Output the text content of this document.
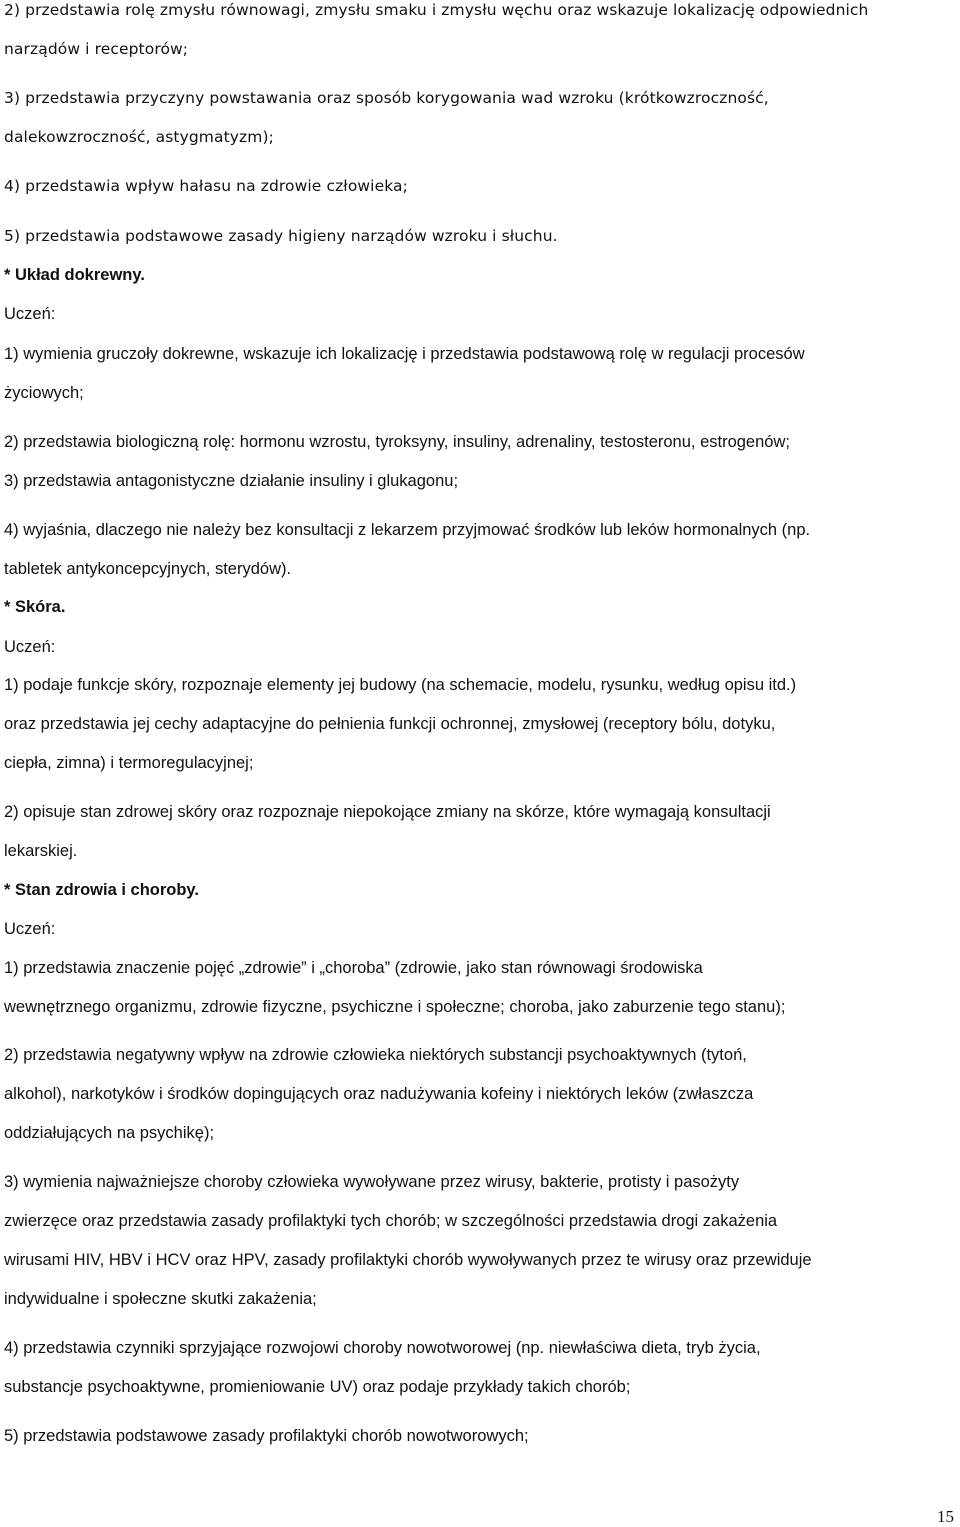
2) przedstawia rolę zmysłu równowagi, zmysłu smaku i zmysłu węchu oraz wskazuje lokalizację odpowiednich
narządów i receptorów;
3) przedstawia przyczyny powstawania oraz sposób korygowania wad wzroku (krótkowzroczność,
dalekowzroczność, astygmatyzm);
4) przedstawia wpływ hałasu na zdrowie człowieka;
5) przedstawia podstawowe zasady higieny narządów wzroku i słuchu.
* Układ dokrewny.
Uczeń:
1) wymienia gruczoły dokrewne, wskazuje ich lokalizację i przedstawia podstawową rolę w regulacji procesów
życiowych;
2) przedstawia biologiczną rolę: hormonu wzrostu, tyroksyny, insuliny, adrenaliny, testosteronu, estrogenów;
3) przedstawia antagonistyczne działanie insuliny i glukagonu;
4) wyjaśnia, dlaczego nie należy bez konsultacji z lekarzem przyjmować środków lub leków hormonalnych (np.
tabletek antykoncepcyjnych, sterydów).
* Skóra.
Uczeń:
1) podaje funkcje skóry, rozpoznaje elementy jej budowy (na schemacie, modelu, rysunku, według opisu itd.)
oraz przedstawia jej cechy adaptacyjne do pełnienia funkcji ochronnej, zmysłowej (receptory bólu, dotyku,
ciepła, zimna) i termoregulacyjnej;
2) opisuje stan zdrowej skóry oraz rozpoznaje niepokojące zmiany na skórze, które wymagają konsultacji
lekarskiej.
* Stan zdrowia i choroby.
Uczeń:
1) przedstawia znaczenie pojęć „zdrowie” i „choroba” (zdrowie, jako stan równowagi środowiska
wewnętrznego organizmu, zdrowie fizyczne, psychiczne i społeczne; choroba, jako zaburzenie tego stanu);
2) przedstawia negatywny wpływ na zdrowie człowieka niektórych substancji psychoaktywnych (tytoń,
alkohol), narkotyków i środków dopingujących oraz nadużywania kofeiny i niektórych leków (zwłaszcza
oddziałujących na psychikę);
3) wymienia najważniejsze choroby człowieka wywoływane przez wirusy, bakterie, protisty i pasożyty
zwierzęce oraz przedstawia zasady profilaktyki tych chorób; w szczególności przedstawia drogi zakażenia
wirusami HIV, HBV i HCV oraz HPV, zasady profilaktyki chorób wywoływanych przez te wirusy oraz przewiduje
indywidualne i społeczne skutki zakażenia;
4) przedstawia czynniki sprzyjające rozwojowi choroby nowotworowej (np. niewłaściwa dieta, tryb życia,
substancje psychoaktywne, promieniowanie UV) oraz podaje przykłady takich chorób;
5) przedstawia podstawowe zasady profilaktyki chorób nowotworowych;
15
